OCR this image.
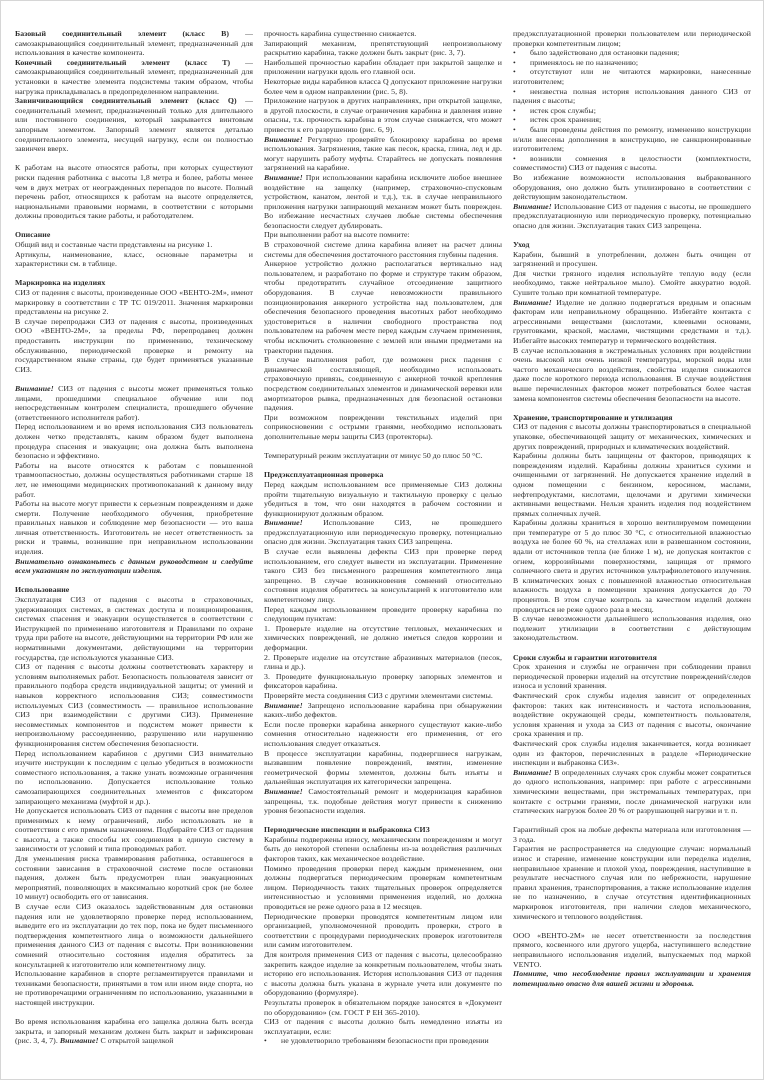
Базовый соединительный элемент (класс В) — самозакрывающийся соединительный элемент, предназначенный для использования в качестве компонента.
Конечный соединительный элемент (класс Т) — самозакрывающийся соединительный элемент, предназначенный для установки в качестве элемента подсистемы таким образом, чтобы нагрузка прикладывалась в предопределенном направлении.
Завинчивающийся соединительный элемент (класс Q) — соединительный элемент, предназначенный только для длительного или постоянного соединения, который закрывается винтовым запорным элементом. Запорный элемент является деталью соединительного элемента, несущей нагрузку, если он полностью завинчен вверх.
К работам на высоте относятся работы, при которых существуют риски падения работника с высоты 1,8 метра и более, работы менее чем в двух метрах от неогражденных перепадов по высоте. Полный перечень работ, относящихся к работам на высоте определяется, национальными правовыми нормами, в соответствии с которыми должны проводиться такие работы, и работодателем.
Описание
Общий вид и составные части представлены на рисунке 1.
Артикулы, наименование, класс, основные параметры и характеристики см. в таблице.
Маркировка на изделиях
СИЗ от падения с высоты, произведенные ООО «ВЕНТО-2М», имеют маркировку в соответствии с ТР ТС 019/2011. Значения маркировки представлены на рисунке 2.
В случае перепродажи СИЗ от падения с высоты, произведенных ООО «ВЕНТО-2М», за пределы РФ, перепродавец должен предоставить инструкции по применению, техническому обслуживанию, периодической проверке и ремонту на государственном языке страны, где будет применяться указанные СИЗ.
Внимание! СИЗ от падения с высоты может применяться только лицами, прошедшими специальное обучение или под непосредственным контролем специалиста, прошедшего обучение (ответственного исполнителя работ).
Перед использованием и во время использования СИЗ пользователь должен четко представлять, каким образом будет выполнена процедура спасения и эвакуации; она должна быть выполнена безопасно и эффективно.
Работы на высоте относятся к работам с повышенной травмоопасностью, должны осуществляться работниками старше 18 лет, не имеющими медицинских противопоказаний к данному виду работ.
Работы на высоте могут привести к серьезным повреждениям и даже смерти. Получение необходимого обучения, приобретение правильных навыков и соблюдение мер безопасности — это ваша личная ответственность. Изготовитель не несет ответственность за риски и травмы, возникшие при неправильном использовании изделия.
Внимательно ознакомьтесь с данным руководством и следуйте всем указаниям по эксплуатации изделия.
Использование
Эксплуатация СИЗ от падения с высоты в страховочных, удерживающих системах, в системах доступа и позиционирования, системах спасения и эвакуации осуществляется в соответствии с Инструкцией по применению изготовителя и Правилами по охране труда при работе на высоте, действующими на территории РФ или же нормативными документами, действующими на территории государства, где используются указанные СИЗ.
СИЗ от падения с высоты должны соответствовать характеру и условиям выполняемых работ. Безопасность пользователя зависит от правильного подбора средств индивидуальной защиты; от умений и навыков корректного использования СИЗ; совместимости используемых СИЗ (совместимость — правильное использование СИЗ при взаимодействии с другими СИЗ). Применение несовместимых компонентов и подсистем может привести к непроизвольному рассоединению, разрушению или нарушению функционирования систем обеспечения безопасности.
Перед использованием карабинов с другими СИЗ внимательно изучите инструкции к последним с целью убедиться в возможности совместного использования, а также узнать возможные ограничения по использованию. Допускается использование только самозапирающихся соединительных элементов с фиксатором запирающего механизма (муфтой и др.).
Не допускается использовать СИЗ от падения с высоты вне пределов применимых к нему ограничений, либо использовать не в соответствии с его прямым назначением. Подбирайте СИЗ от падения с высоты, а также способы их соединения в единую систему в зависимости от условий и типа проводимых работ.
Для уменьшения риска травмирования работника, оставшегося в состоянии зависания в страховочной системе после остановки падения, должен быть предусмотрен план эвакуационных мероприятий, позволяющих в максимально короткий срок (не более 10 минут) освободить его от зависания.
В случае если СИЗ оказалось задействованным для остановки падения или не удовлетворяло проверке перед использованием, выведите его из эксплуатации до тех пор, пока не будет письменного подтверждения компетентного лица о возможности дальнейшего применения данного СИЗ от падения с высоты. При возникновении сомнений относительно состояния изделия обратитесь за консультацией к изготовителю или компетентному лицу.
Использование карабинов в спорте регламентируется правилами и техниками безопасности, принятыми в том или ином виде спорта, но не противоречащими ограничениям по использованию, указанными в настоящей инструкции.
Во время использования карабина его защелка должна быть всегда закрыта, и запорный механизм должен быть закрыт и зафиксирован (рис. 3, 4, 7). Внимание! С открытой защелкой
прочность карабина существенно снижается.
Запирающий механизм, препятствующий непроизвольному раскрытию карабина, также должен быть закрыт (рис. 3, 7).
Наибольшей прочностью карабин обладает при закрытой защелке и приложении нагрузки вдоль его главной оси.
Некоторые виды карабинов класса Q допускают приложение нагрузки более чем в одном направлении (рис. 5, 8).
Приложение нагрузок в других направлениях, при открытой защелке, в другой плоскости, в случае ограничения карабина и давления извне опасны, т.к. прочность карабина в этом случае снижается, что может привести к его разрушению (рис. 6, 9).
Внимание! Регулярно проверяйте блокировку карабина во время использования. Загрязнения, такие как песок, краска, глина, лед и др. могут нарушить работу муфты. Старайтесь не допускать появления загрязнений на карабине.
Внимание! При использовании карабина исключите любое внешнее воздействие на защелку (например, страховочно-спусковым устройством, канатом, лентой и т.д.), т.к. в случае неправильного приложения нагрузки запирающий механизм может быть поврежден. Во избежание несчастных случаев любые системы обеспечения безопасности следует дублировать.
При выполнении работ на высоте помните:
В страховочной системе длина карабина влияет на расчет длины системы для обеспечения достаточного расстояния глубины падения.
Анкерное устройство должно располагаться вертикально над пользователем, и разработано по форме и структуре таким образом, чтобы предотвратить случайное отсоединение защитного оборудования. В случае невозможности правильного позиционирования анкерного устройства над пользователем, для обеспечения безопасного проведения высотных работ необходимо удостовериться в наличии свободного пространства под пользователем на рабочем месте перед каждым случаем применения, чтобы исключить столкновение с землей или иными предметами на траектории падения.
В случае выполнения работ, где возможен риск падения с динамической составляющей, необходимо использовать страховочную привязь, соединенную с анкерной точкой крепления посредством соединительных элементов и динамической веревки или амортизаторов рывка, предназначенных для безопасной остановки падения.
При возможном повреждении текстильных изделий при соприкосновении с острыми гранями, необходимо использовать дополнительные меры защиты СИЗ (протекторы).
Температурный режим эксплуатации от минус 50 до плюс 50 °С.
Предэксплуатационная проверка
Перед каждым использованием все применяемые СИЗ должны пройти тщательную визуальную и тактильную проверку с целью убедиться в том, что они находятся в рабочем состоянии и функционируют должным образом.
Внимание! Использование СИЗ, не прошедшего предэксплуатационную или периодическую проверку, потенциально опасно для жизни. Эксплуатация таких СИЗ запрещена.
В случае если выявлены дефекты СИЗ при проверке перед использованием, его следует вывести из эксплуатации. Применение такого СИЗ без письменного разрешения компетентного лица запрещено. В случае возникновения сомнений относительно состояния изделия обратитесь за консультацией к изготовителю или компетентному лицу.
Перед каждым использованием проведите проверку карабина по следующим пунктам:
1. Проверьте изделие на отсутствие тепловых, механических и химических повреждений, не должно иметься следов коррозии и деформации.
2. Проверьте изделие на отсутствие абразивных материалов (песок, глина и др.).
3. Проведите функциональную проверку запорных элементов и фиксаторов карабина.
Проверяйте места соединения СИЗ с другими элементами системы.
Внимание! Запрещено использование карабина при обнаружении каких-либо дефектов.
Если после проверки карабина анкерного существуют какие-либо сомнения относительно надежности его применения, от его использования следует отказаться.
В процессе эксплуатации карабины, подвергшиеся нагрузкам, вызвавшим появление повреждений, вмятин, изменение геометрической формы элементов, должны быть изъяты и дальнейшая эксплуатация их категорически запрещена.
Внимание! Самостоятельный ремонт и модернизация карабинов запрещены, т.к. подобные действия могут привести к снижению уровня безопасности изделия.
Периодические инспекции и выбраковка СИЗ
Карабины подвержены износу, механическим повреждениям и могут быть до некоторой степени ослаблены из-за воздействия различных факторов таких, как механическое воздействие.
Помимо проведения проверки перед каждым применением, они должны подвергаться периодическим проверкам компетентным лицом. Периодичность таких тщательных проверок определяется интенсивностью и условиями применения изделий, но должна проводиться не реже одного раза в 12 месяцев.
Периодические проверки проводятся компетентным лицом или организацией, уполномоченной проводить проверки, строго в соответствии с процедурами периодических проверок изготовителя или самим изготовителем.
Для контроля применения СИЗ от падения с высоты, целесообразно закрепить каждое изделие за конкретным пользователем, чтобы знать историю его использования. История использования СИЗ от падения с высоты должна быть указана в журнале учета или документе по оборудованию (формуляре).
Результаты проверок в обязательном порядке заносятся в «Документ по оборудованию» (см. ГОСТ Р ЕН 365-2010).
СИЗ от падения с высоты должно быть немедленно изъяты из эксплуатации, если:
• не удовлетворило требованиям безопасности при проведении
предэксплуатационной проверки пользователем или периодической проверки компетентным лицом;
• было задействовано для остановки падения;
• применялось не по назначению;
• отсутствуют или не читаются маркировки, нанесенные изготовителем;
• неизвестна полная история использования данного СИЗ от падения с высоты;
• истек срок службы;
• истек срок хранения;
• были проведены действия по ремонту, изменению конструкции и/или внесены дополнения в конструкцию, не санкционированные изготовителем;
• возникли сомнения в целостности (комплектности, совместимости) СИЗ от падения с высоты.
Во избежание возможности использования выбракованного оборудования, оно должно быть утилизировано в соответствии с действующим законодательством.
Внимание! Использование СИЗ от падения с высоты, не прошедшего предэксплуатационную или периодическую проверку, потенциально опасно для жизни. Эксплуатация таких СИЗ запрещена.
Уход
Карабин, бывший в употреблении, должен быть очищен от загрязнений и просушен.
Для чистки грязного изделия используйте теплую воду (если необходимо, также нейтральное мыло). Смойте аккуратно водой. Сушите только при комнатной температуре.
Внимание! Изделие не должно подвергаться вредным и опасным факторам или неправильному обращению. Избегайте контакта с агрессивными веществами (кислотами, клеевыми основами, грунтовками, краской, маслами, чистящими средствами и т.д.). Избегайте высоких температур и термического воздействия.
В случае использования в экстремальных условиях при воздействии очень высокой или очень низкой температуры, морской воды или частого механического воздействия, свойства изделия снижаются даже после короткого периода использования. В случае воздействия выше перечисленных факторов может потребоваться более частая замена компонентов системы обеспечения безопасности на высоте.
Хранение, транспортирование и утилизация
СИЗ от падения с высоты должны транспортироваться в специальной упаковке, обеспечивающей защиту от механических, химических и других повреждений, природных и климатических воздействий.
Карабины должны быть защищены от факторов, приводящих к повреждениям изделий. Карабины должны храниться сухими и очищенными от загрязнений. Не допускается хранение изделий в одном помещении с бензином, керосином, маслами, нефтепродуктами, кислотами, щелочами и другими химически активными веществами. Нельзя хранить изделия под воздействием прямых солнечных лучей.
Карабины должны храниться в хорошо вентилируемом помещении при температуре от 5 до плюс 30 °С, с относительной влажностью воздуха не более 60 %, на стеллажах или в развешанном состоянии, вдали от источников тепла (не ближе 1 м), не допуская контактов с огнем, коррозийными поверхностями, защищая от прямого солнечного света и других источников ультрафиолетового излучения. В климатических зонах с повышенной влажностью относительная влажность воздуха в помещении хранения допускается до 70 процентов. В этом случае контроль за качеством изделий должен проводиться не реже одного раза в месяц.
В случае невозможности дальнейшего использования изделия, оно подлежит утилизации в соответствии с действующим законодательством.
Сроки службы и гарантии изготовителя
Срок хранения и службы не ограничен при соблюдении правил периодической проверки изделий на отсутствие повреждений/следов износа и условий хранения.
Фактический срок службы изделия зависит от определенных факторов: таких как интенсивность и частота использования, воздействие окружающей среды, компетентность пользователя, условия хранения и ухода за СИЗ от падения с высоты, окончание срока хранения и пр.
Фактический срок службы изделия заканчивается, когда возникает один из факторов, перечисленных в разделе «Периодические инспекции и выбраковка СИЗ».
Внимание! В определенных случаях срок службы может сократиться до одного использования, например: при работе с агрессивными химическими веществами, при экстремальных температурах, при контакте с острыми гранями, после динамической нагрузки или статических нагрузок более 20 % от разрушающей нагрузки и т. п.
Гарантийный срок на любые дефекты материала или изготовления — 3 года.
Гарантия не распространяется на следующие случаи: нормальный износ и старение, изменение конструкции или переделка изделия, неправильное хранение и плохой уход, повреждения, наступившие в результате несчастного случая или по небрежности, нарушение правил хранения, транспортирования, а также использование изделия не по назначению, в случае отсутствия идентификационных маркировок изготовителя, при наличии следов механического, химического и теплового воздействия.
ООО «ВЕНТО-2М» не несет ответственности за последствия прямого, косвенного или другого ущерба, наступившего вследствие неправильного использования изделий, выпускаемых под маркой VENTO.
Помните, что несоблюдение правил эксплуатации и хранения потенциально опасно для вашей жизни и здоровья.
